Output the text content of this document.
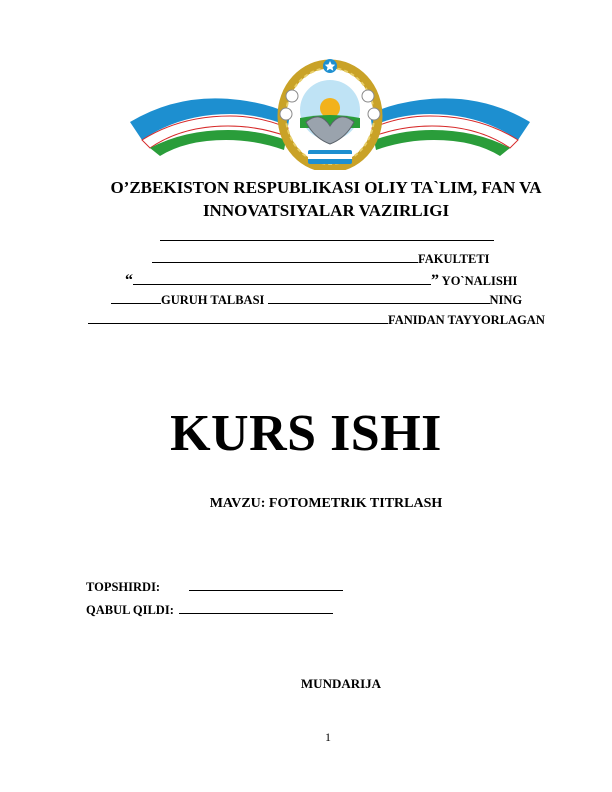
O’ZBEKISTON RESPUBLIKASI OLIY TA`LIM, FAN VA
INNOVATSIYALAR VAZIRLIGI
FAKULTETI
“	” YO`NALISHI
GURUH TALBASI	NING
FANIDAN TAYYORLAGAN
KURS ISHI
MAVZU: FOTOMETRIK TITRLASH
TOPSHIRDI:
QABUL QILDI:
MUNDARIJA
1
